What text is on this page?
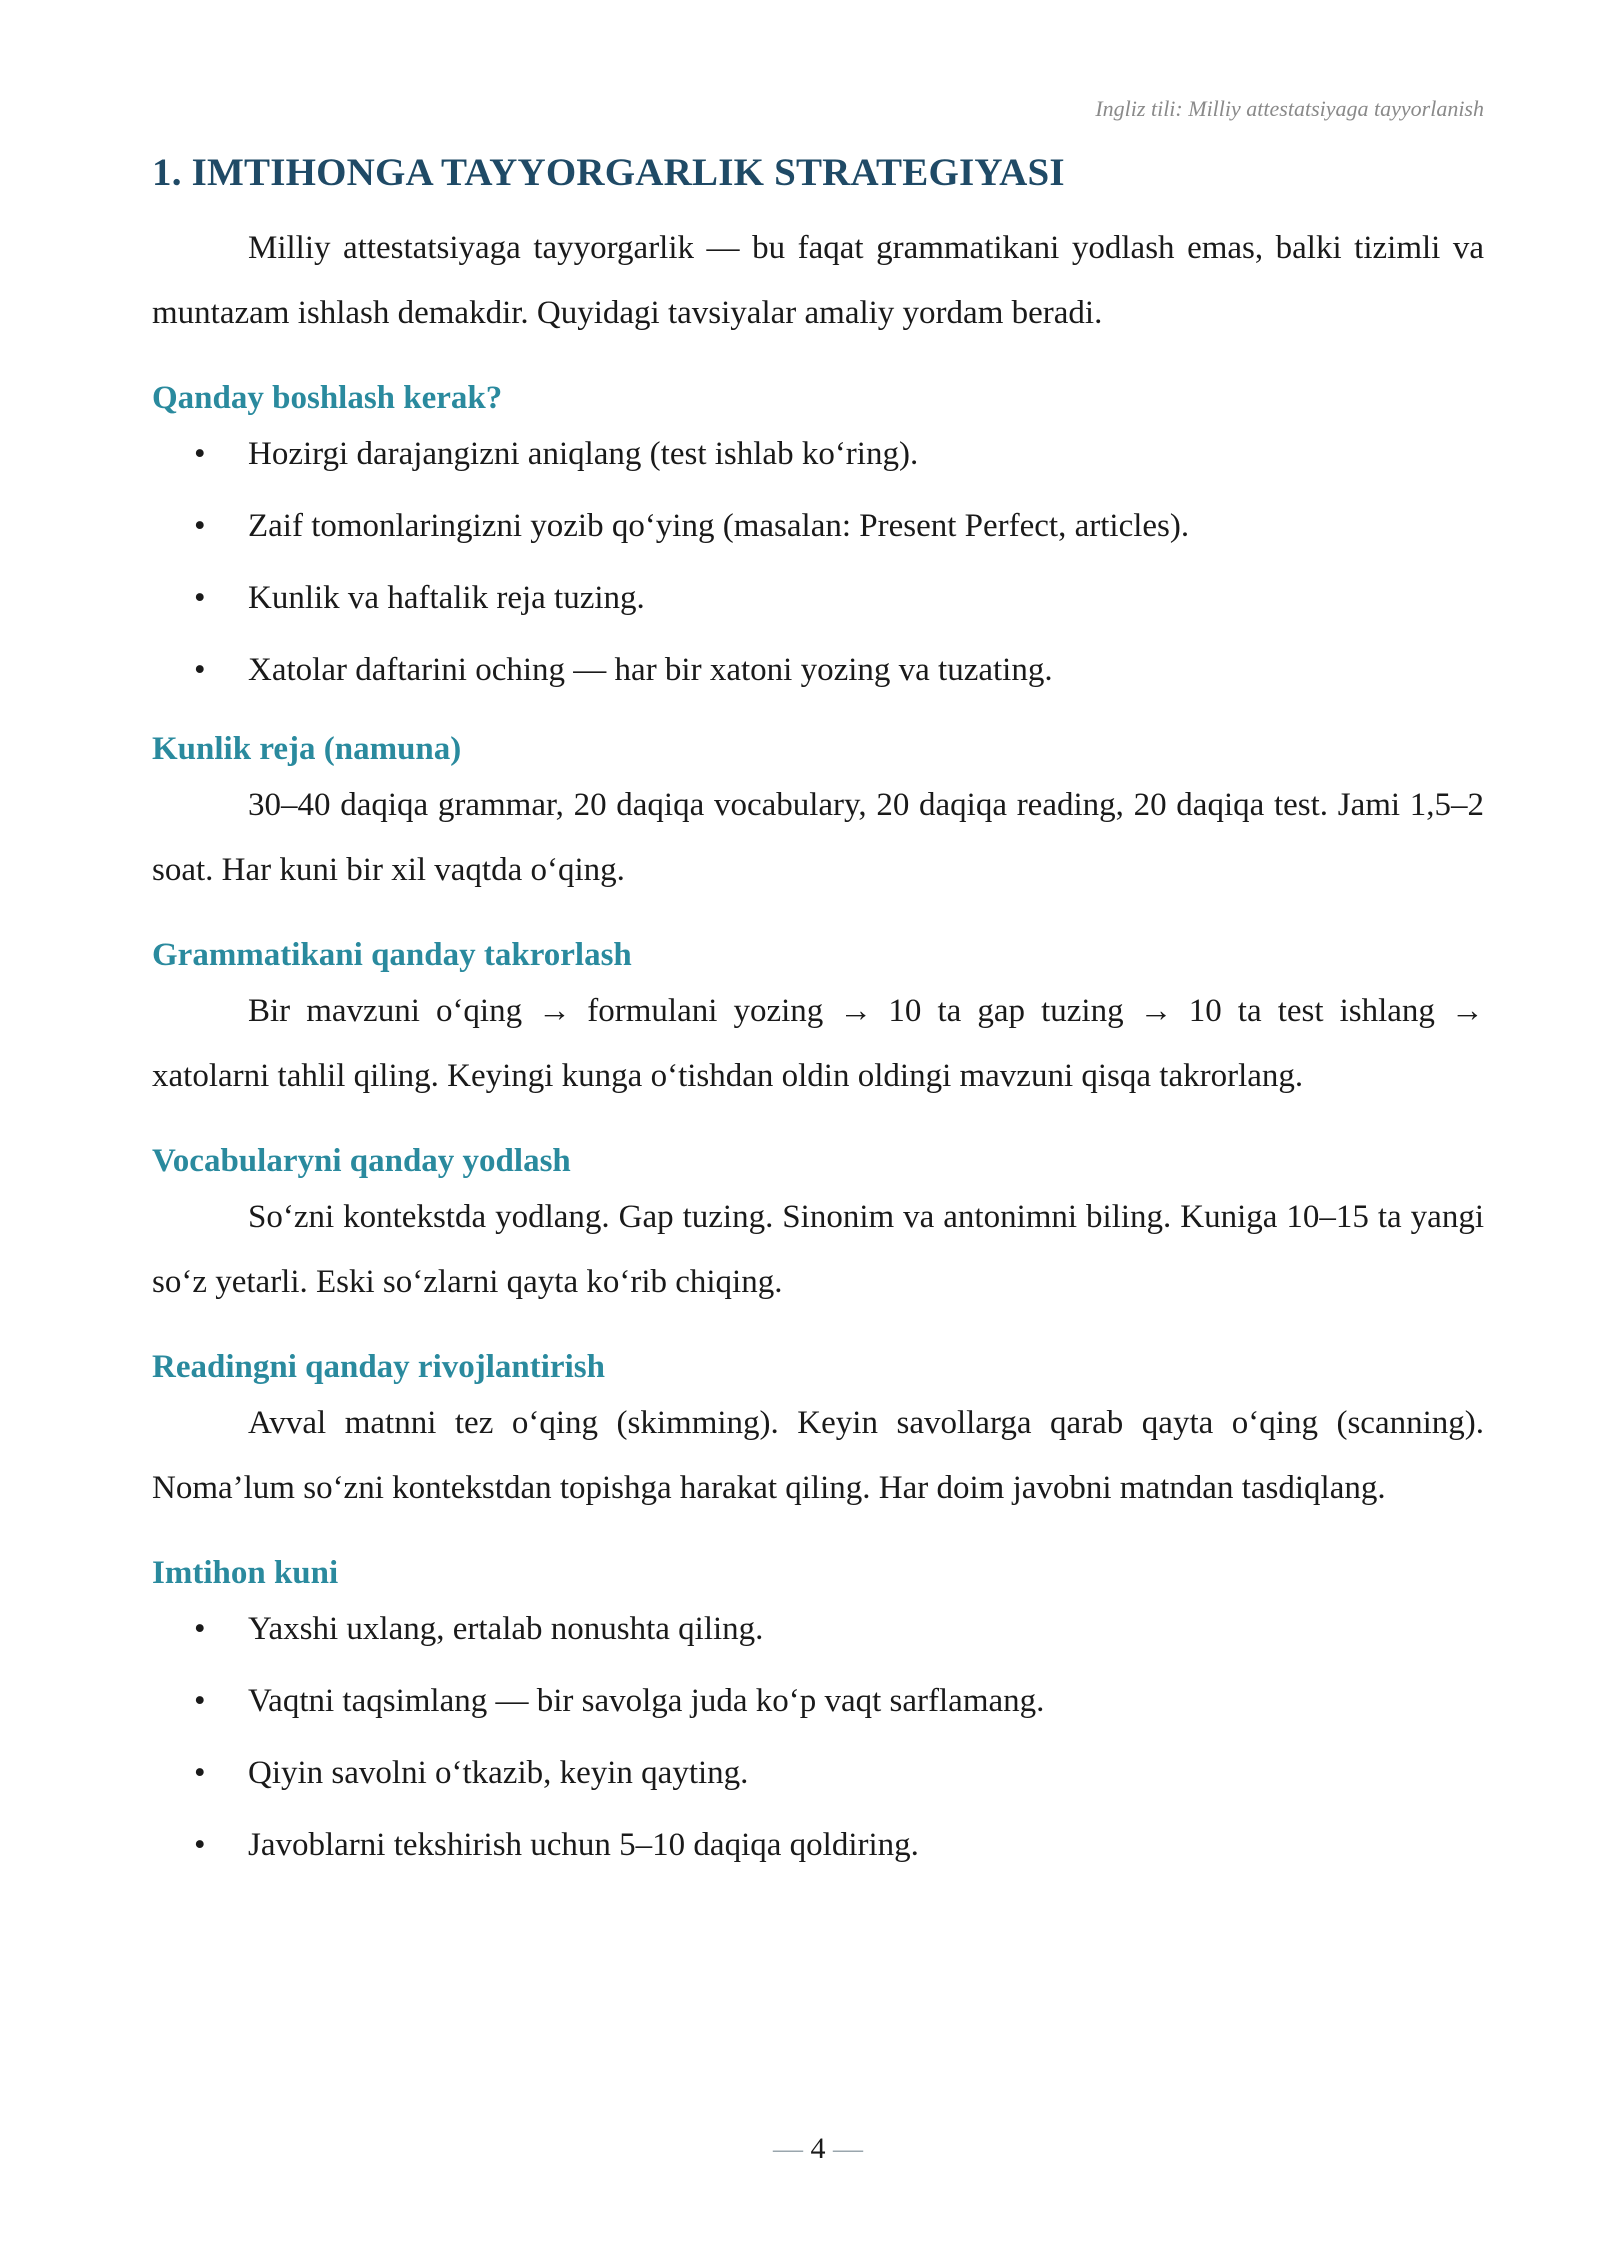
Ingliz tili: Milliy attestatsiyaga tayyorlanish
1. IMTIHONGA TAYYORGARLIK STRATEGIYASI

Milliy attestatsiyaga tayyorgarlik — bu faqat grammatikani yodlash emas, balki tizimli va muntazam ishlash demakdir. Quyidagi tavsiyalar amaliy yordam beradi.

Qanday boshlash kerak?
• Hozirgi darajangizni aniqlang (test ishlab ko‘ring).
• Zaif tomonlaringizni yozib qo‘ying (masalan: Present Perfect, articles).
• Kunlik va haftalik reja tuzing.
• Xatolar daftarini oching — har bir xatoni yozing va tuzating.
Kunlik reja (namuna)

30–40 daqiqa grammar, 20 daqiqa vocabulary, 20 daqiqa reading, 20 daqiqa test. Jami 1,5–2 soat. Har kuni bir xil vaqtda o‘qing.

Grammatikani qanday takrorlash

Bir mavzuni o‘qing → formulani yozing → 10 ta gap tuzing → 10 ta test ishlang → xatolarni tahlil qiling. Keyingi kunga o‘tishdan oldin oldingi mavzuni qisqa takrorlang.

Vocabularyni qanday yodlash

So‘zni kontekstda yodlang. Gap tuzing. Sinonim va antonimni biling. Kuniga 10–15 ta yangi so‘z yetarli. Eski so‘zlarni qayta ko‘rib chiqing.

Readingni qanday rivojlantirish

Avval matnni tez o‘qing (skimming). Keyin savollarga qarab qayta o‘qing (scanning). Noma’lum so‘zni kontekstdan topishga harakat qiling. Har doim javobni matndan tasdiqlang.

Imtihon kuni
• Yaxshi uxlang, ertalab nonushta qiling.
• Vaqtni taqsimlang — bir savolga juda ko‘p vaqt sarflamang.
• Qiyin savolni o‘tkazib, keyin qayting.
• Javoblarni tekshirish uchun 5–10 daqiqa qoldiring.
— 4 —
